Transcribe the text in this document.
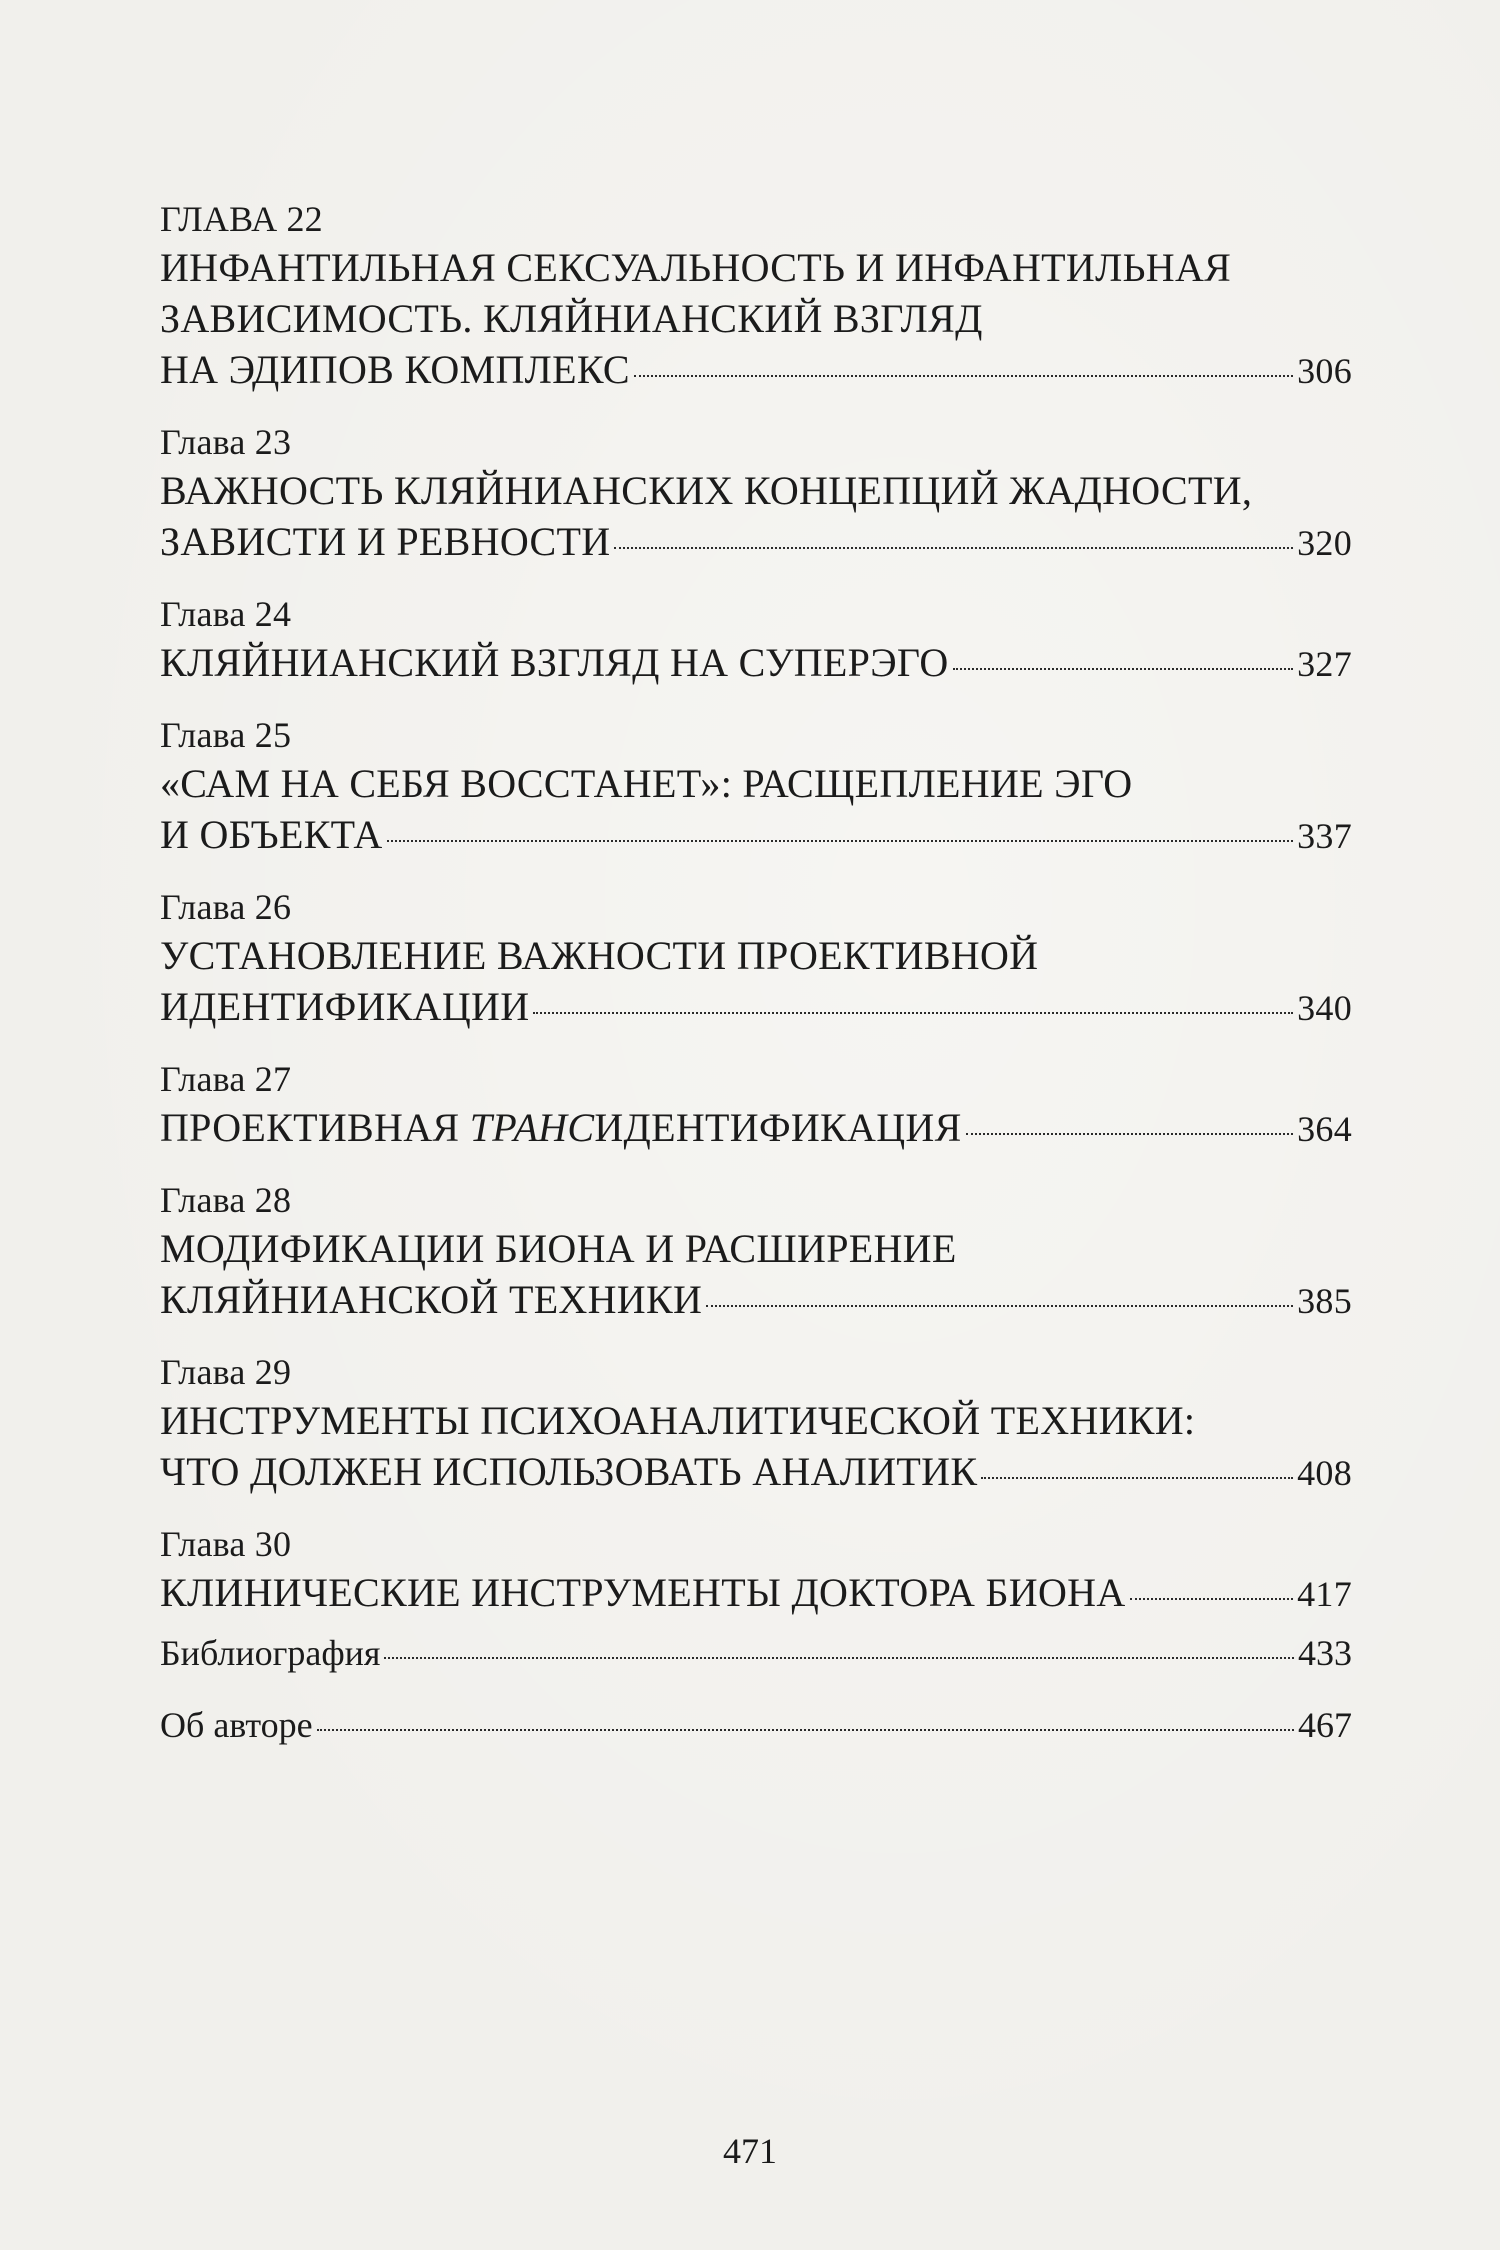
ГЛАВА 22
ИНФАНТИЛЬНАЯ СЕКСУАЛЬНОСТЬ И ИНФАНТИЛЬНАЯ
ЗАВИСИМОСТЬ. КЛЯЙНИАНСКИЙ ВЗГЛЯД
НА ЭДИПОВ КОМПЛЕКС	306
Глава 23
ВАЖНОСТЬ КЛЯЙНИАНСКИХ КОНЦЕПЦИЙ ЖАДНОСТИ,
ЗАВИСТИ И РЕВНОСТИ	320
Глава 24
КЛЯЙНИАНСКИЙ ВЗГЛЯД НА СУПЕРЭГО	327
Глава 25
«САМ НА СЕБЯ ВОССТАНЕТ»: РАСЩЕПЛЕНИЕ ЭГО
И ОБЪЕКТА	337
Глава 26
УСТАНОВЛЕНИЕ ВАЖНОСТИ ПРОЕКТИВНОЙ
ИДЕНТИФИКАЦИИ	340
Глава 27
ПРОЕКТИВНАЯ ТРАНСИДЕНТИФИКАЦИЯ	364
Глава 28
МОДИФИКАЦИИ БИОНА И РАСШИРЕНИЕ
КЛЯЙНИАНСКОЙ ТЕХНИКИ	385
Глава 29
ИНСТРУМЕНТЫ ПСИХОАНАЛИТИЧЕСКОЙ ТЕХНИКИ:
ЧТО ДОЛЖЕН ИСПОЛЬЗОВАТЬ АНАЛИТИК	408
Глава 30
КЛИНИЧЕСКИЕ ИНСТРУМЕНТЫ ДОКТОРА БИОНА	417
Библиография	433
Об авторе	467
471
